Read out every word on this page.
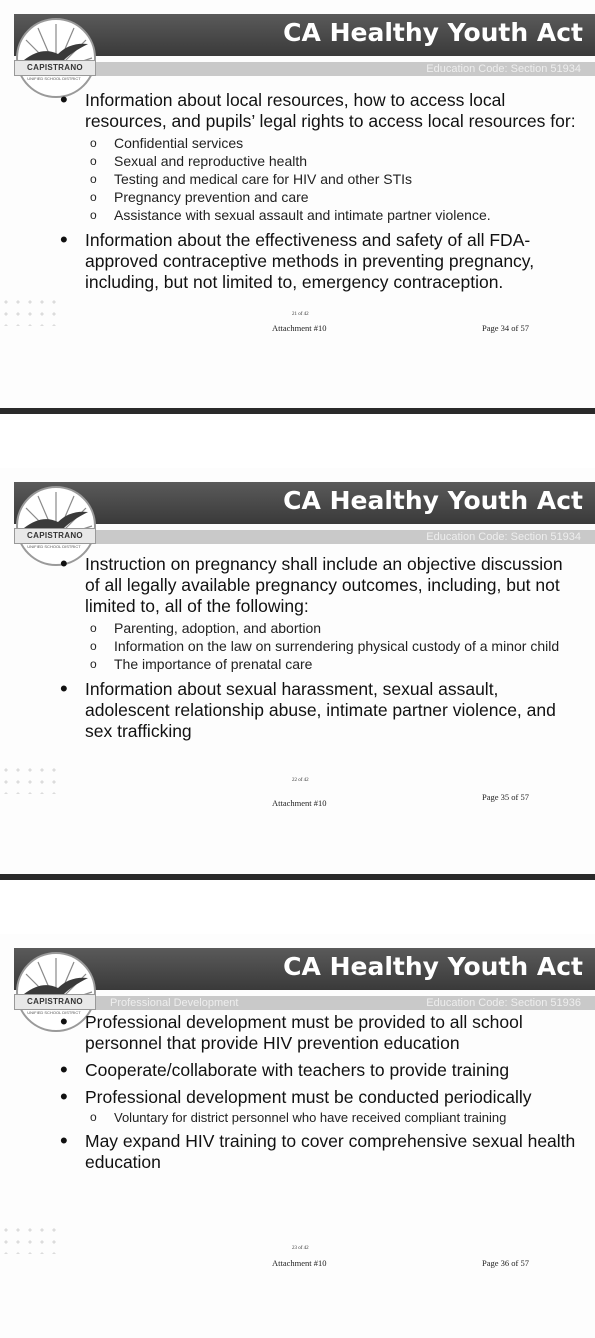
CA Healthy Youth Act
Education Code: Section 51934
CAPISTRANO
UNIFIED SCHOOL DISTRICT
• Information about local resources, how to access local resources, and pupils’ legal rights to access local resources for:
o Confidential services
o Sexual and reproductive health
o Testing and medical care for HIV and other STIs
o Pregnancy prevention and care
o Assistance with sexual assault and intimate partner violence.
• Information about the effectiveness and safety of all FDA-approved contraceptive methods in preventing pregnancy, including, but not limited to, emergency contraception.
21 of 42
Attachment #10	Page 34 of 57
CA Healthy Youth Act
Education Code: Section 51934
CAPISTRANO
UNIFIED SCHOOL DISTRICT
• Instruction on pregnancy shall include an objective discussion of all legally available pregnancy outcomes, including, but not limited to, all of the following:
o Parenting, adoption, and abortion
o Information on the law on surrendering physical custody of a minor child
o The importance of prenatal care
• Information about sexual harassment, sexual assault, adolescent relationship abuse, intimate partner violence, and sex trafficking
22 of 42
Attachment #10
Page 35 of 57
CA Healthy Youth Act
Professional Development	Education Code: Section 51936
CAPISTRANO
UNIFIED SCHOOL DISTRICT
• Professional development must be provided to all school personnel that provide HIV prevention education
• Cooperate/collaborate with teachers to provide training
• Professional development must be conducted periodically
o Voluntary for district personnel who have received compliant training
• May expand HIV training to cover comprehensive sexual health education
23 of 42
Attachment #10	Page 36 of 57
